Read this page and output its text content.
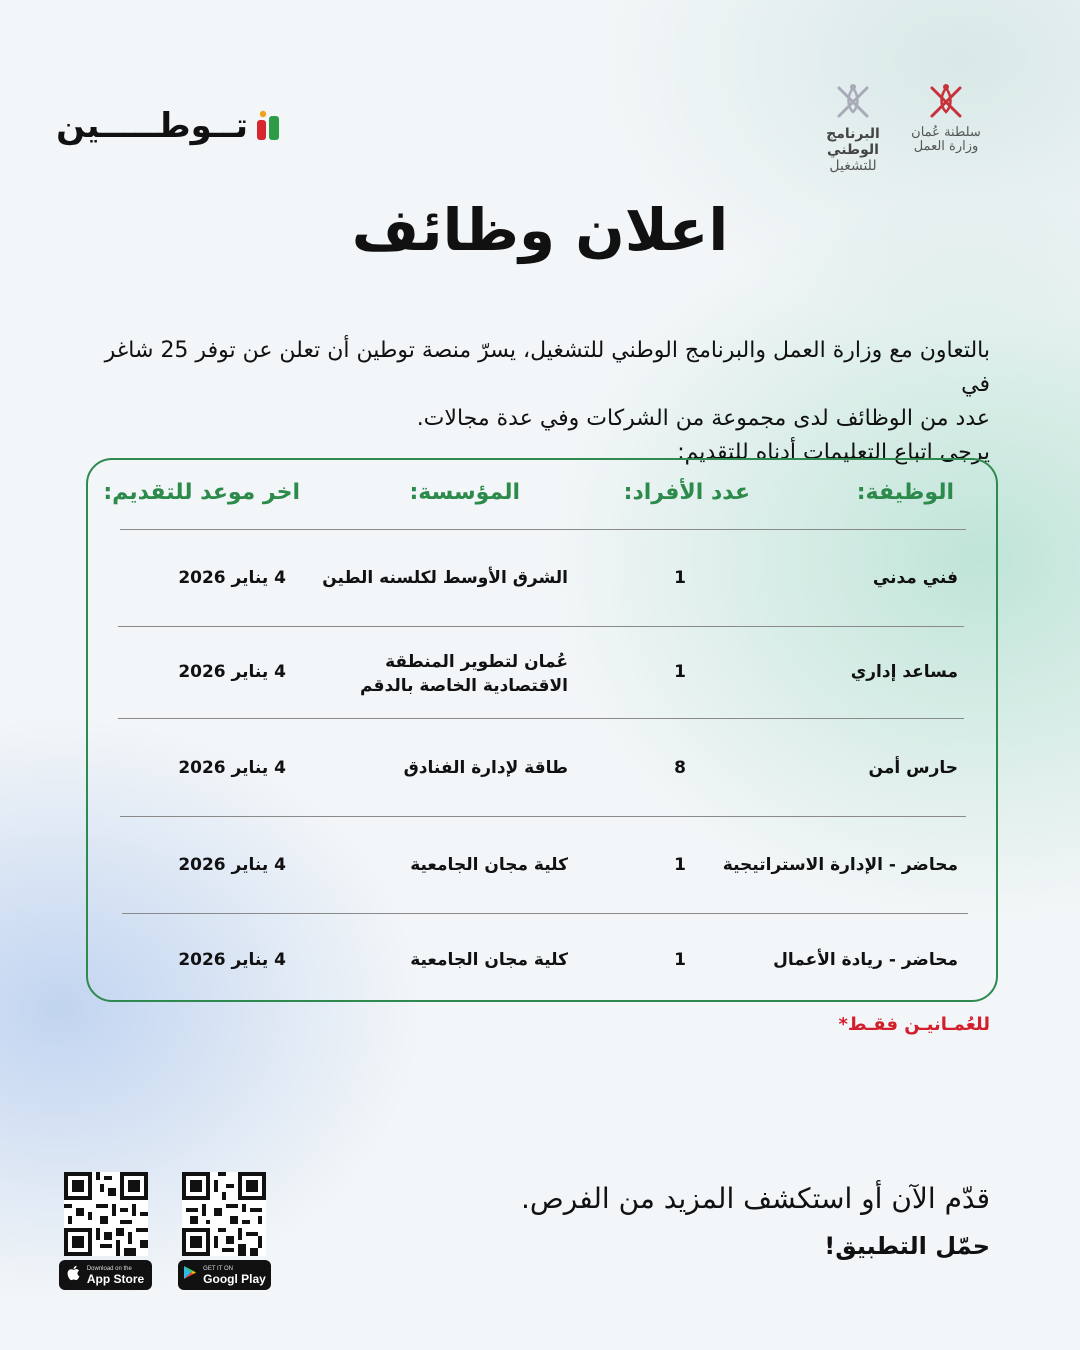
تــوطـــــين	البرنامج الوطني
للتشغيل
سلطنة عُمان
وزارة العمل
اعلان وظائف
بالتعاون مع وزارة العمل والبرنامج الوطني للتشغيل، يسرّ منصة توطين أن تعلن عن توفر 25 شاغر في
عدد من الوظائف لدى مجموعة من الشركات وفي عدة مجالات.
يرجى اتباع التعليمات أدناه للتقديم:
الوظيفة:
عدد الأفراد:
المؤسسة:
اخر موعد للتقديم:
فني مدني
1
الشرق الأوسط لكلسنه الطين
4 يناير 2026
مساعد إداري
1
عُمان لتطوير المنطقة
الاقتصادية الخاصة بالدقم
4 يناير 2026
حارس أمن
8
طاقة لإدارة الفنادق
4 يناير 2026
محاضر - الإدارة الاستراتيجية
1
كلية مجان الجامعية
4 يناير 2026
محاضر - ريادة الأعمال
1
كلية مجان الجامعية
4 يناير 2026
للعُمـانيـن فقـط*
قدّم الآن أو استكشف المزيد من الفرص.
حمّل التطبيق!
Download on the
App Store
GET IT ON
Googl Play
